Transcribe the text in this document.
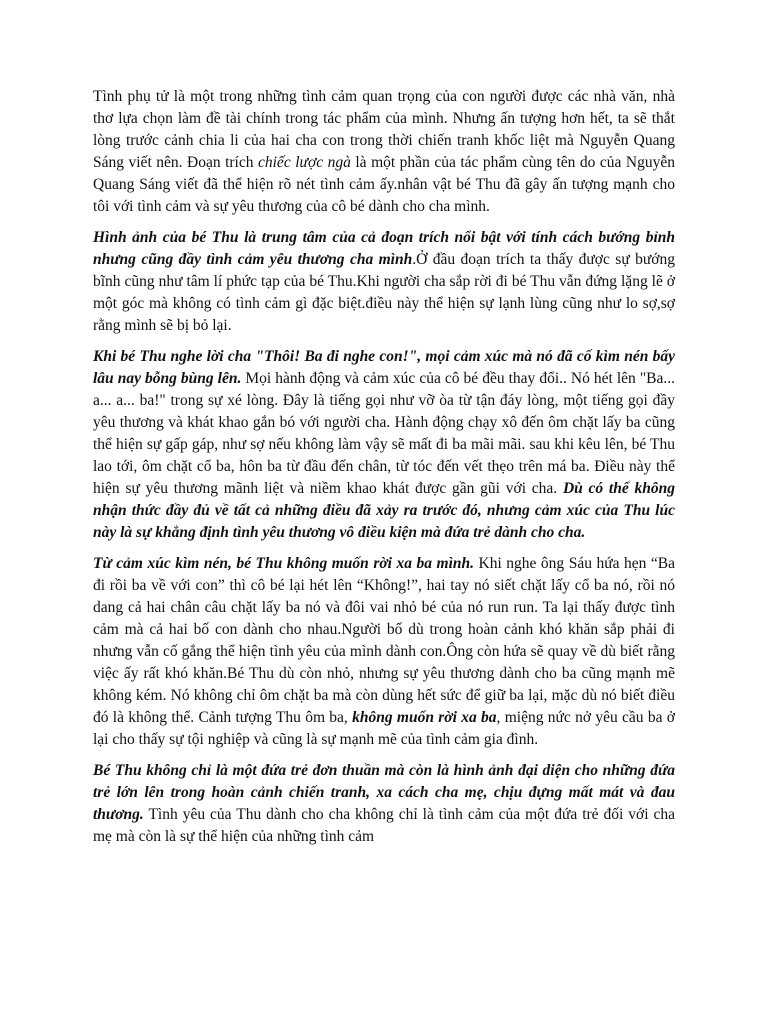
Tình phụ tử là một trong những tình cảm quan trọng của con người được các nhà văn, nhà thơ lựa chọn làm đề tài chính trong tác phẩm của mình. Nhưng ấn tượng hơn hết, ta sẽ thắt lòng trước cảnh chia li của hai cha con trong thời chiến tranh khốc liệt mà Nguyễn Quang Sáng viết nên. Đoạn trích chiếc lược ngà là một phần của tác phẩm cùng tên do của Nguyễn Quang Sáng viết đã thể hiện rõ nét tình cảm ấy.nhân vật bé Thu đã gây ấn tượng mạnh cho tôi với tình cảm và sự yêu thương của cô bé dành cho cha mình.

Hình ảnh của bé Thu là trung tâm của cả đoạn trích nổi bật với tính cách bướng bỉnh nhưng cũng đầy tình cảm yêu thương cha mình.Ở đầu đoạn trích ta thấy được sự bướng bĩnh cũng như tâm lí phức tạp của bé Thu.Khi người cha sắp rời đi bé Thu vẫn đứng lặng lẽ ở một góc mà không có tình cảm gì đặc biệt.điều này thể hiện sự lạnh lùng cũng như lo sợ,sợ rằng mình sẽ bị bỏ lại.

Khi bé Thu nghe lời cha "Thôi! Ba đi nghe con!", mọi cảm xúc mà nó đã cố kìm nén bấy lâu nay bỗng bùng lên. Mọi hành động và cảm xúc của cô bé đều thay đổi.. Nó hét lên "Ba... a... a... ba!" trong sự xé lòng. Đây là tiếng gọi như vỡ òa từ tận đáy lòng, một tiếng gọi đầy yêu thương và khát khao gắn bó với người cha. Hành động chạy xô đến ôm chặt lấy ba cũng thể hiện sự gấp gáp, như sợ nếu không làm vậy sẽ mất đi ba mãi mãi. sau khi kêu lên, bé Thu lao tới, ôm chặt cổ ba, hôn ba từ đầu đến chân, từ tóc đến vết thẹo trên má ba. Điều này thể hiện sự yêu thương mãnh liệt và niềm khao khát được gần gũi với cha. Dù có thể không nhận thức đầy đủ về tất cả những điều đã xảy ra trước đó, nhưng cảm xúc của Thu lúc này là sự khẳng định tình yêu thương vô điều kiện mà đứa trẻ dành cho cha.

Từ cảm xúc kìm nén, bé Thu không muốn rời xa ba mình. Khi nghe ông Sáu hứa hẹn “Ba đi rồi ba về với con” thì cô bé lại hét lên “Không!”, hai tay nó siết chặt lấy cổ ba nó, rồi nó dang cả hai chân câu chặt lấy ba nó và đôi vai nhỏ bé của nó run run. Ta lại thấy được tình cảm mà cả hai bố con dành cho nhau.Người bố dù trong hoàn cảnh khó khăn sắp phải đi nhưng vẫn cố gắng thể hiện tình yêu của mình dành con.Ông còn hứa sẽ quay về dù biết rằng việc ấy rất khó khăn.Bé Thu dù còn nhỏ, nhưng sự yêu thương dành cho ba cũng mạnh mẽ không kém. Nó không chỉ ôm chặt ba mà còn dùng hết sức để giữ ba lại, mặc dù nó biết điều đó là không thể. Cảnh tượng Thu ôm ba, không muốn rời xa ba, miệng nức nở yêu cầu ba ở lại cho thấy sự tội nghiệp và cũng là sự mạnh mẽ của tình cảm gia đình.

Bé Thu không chỉ là một đứa trẻ đơn thuần mà còn là hình ảnh đại diện cho những đứa trẻ lớn lên trong hoàn cảnh chiến tranh, xa cách cha mẹ, chịu đựng mất mát và đau thương. Tình yêu của Thu dành cho cha không chỉ là tình cảm của một đứa trẻ đối với cha mẹ mà còn là sự thể hiện của những tình cảm
